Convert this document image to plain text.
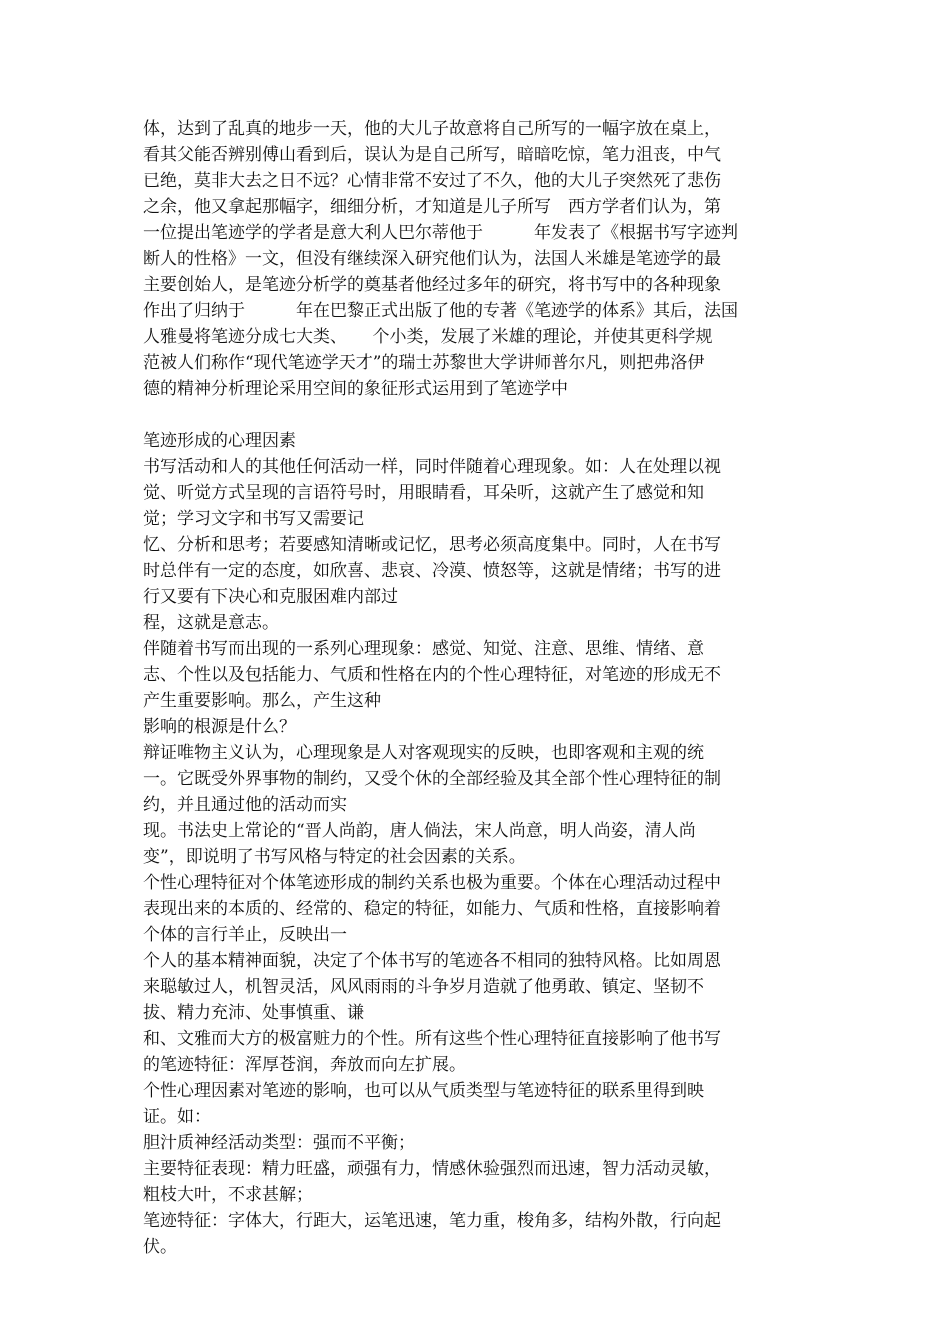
体，达到了乱真的地步一天，他的大儿子故意将自己所写的一幅字放在桌上，
看其父能否辨别傅山看到后，误认为是自己所写，暗暗吃惊，笔力沮丧，中气
已绝，莫非大去之日不远？心情非常不安过了不久，他的大儿子突然死了悲伤
之余，他又拿起那幅字，细细分析，才知道是儿子所写　西方学者们认为，第
一位提出笔迹学的学者是意大利人巴尔蒂他于　　　年发表了《根据书写字迹判
断人的性格》一文，但没有继续深入研究他们认为，法国人米雄是笔迹学的最
主要创始人，是笔迹分析学的奠基者他经过多年的研究，将书写中的各种现象
作出了归纳于　　　年在巴黎正式出版了他的专著《笔迹学的体系》其后，法国
人雅曼将笔迹分成七大类、　　个小类，发展了米雄的理论，并使其更科学规
范被人们称作“现代笔迹学天才”的瑞士苏黎世大学讲师普尔凡，则把弗洛伊
德的精神分析理论采用空间的象征形式运用到了笔迹学中
笔迹形成的心理因素
书写活动和人的其他任何活动一样，同时伴随着心理现象。如：人在处理以视
觉、听觉方式呈现的言语符号时，用眼睛看，耳朵听，这就产生了感觉和知
觉；学习文字和书写又需要记
忆、分析和思考；若要感知清晰或记忆，思考必须高度集中。同时，人在书写
时总伴有一定的态度，如欣喜、悲哀、冷漠、愤怒等，这就是情绪；书写的进
行又要有下决心和克服困难内部过
程，这就是意志。
伴随着书写而出现的一系列心理现象：感觉、知觉、注意、思维、情绪、意
志、个性以及包括能力、气质和性格在内的个性心理特征，对笔迹的形成无不
产生重要影响。那么，产生这种
影响的根源是什么？
辩证唯物主义认为，心理现象是人对客观现实的反映，也即客观和主观的统
一。它既受外界事物的制约，又受个休的全部经验及其全部个性心理特征的制
约，并且通过他的活动而实
现。书法史上常论的“晋人尚韵，唐人倘法，宋人尚意，明人尚姿，清人尚
变”，即说明了书写风格与特定的社会因素的关系。
个性心理特征对个体笔迹形成的制约关系也极为重要。个体在心理活动过程中
表现出来的本质的、经常的、稳定的特征，如能力、气质和性格，直接影响着
个体的言行羊止，反映出一
个人的基本精神面貌，决定了个体书写的笔迹各不相同的独特风格。比如周恩
来聪敏过人，机智灵活，风风雨雨的斗争岁月造就了他勇敢、镇定、坚韧不
拔、精力充沛、处事慎重、谦
和、文雅而大方的极富赃力的个性。所有这些个性心理特征直接影响了他书写
的笔迹特征：浑厚苍润，奔放而向左扩展。
个性心理因素对笔迹的影响，也可以从气质类型与笔迹特征的联系里得到映
证。如：
胆汁质神经活动类型：强而不平衡；
主要特征表现：精力旺盛，顽强有力，情感休验强烈而迅速，智力活动灵敏，
粗枝大叶，不求甚解；
笔迹特征：字体大，行距大，运笔迅速，笔力重，梭角多，结构外散，行向起
伏。
